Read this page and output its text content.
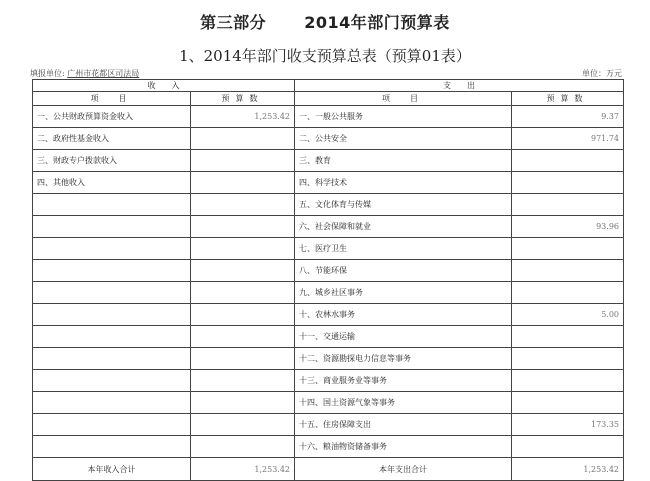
第三部分 2014年部门预算表
1、2014年部门收支预算总表（预算01表）
填报单位: 广州市花都区司法局	单位：万元
收　　入		支　　出	
项　目	预算数	项　目	预算数
一、公共财政预算资金收入	1,253.42	一、一般公共服务	9.37
二、政府性基金收入		二、公共安全	971.74
三、财政专户拨款收入		三、教育	
四、其他收入		四、科学技术	
		五、文化体育与传媒	
		六、社会保障和就业	93.96
		七、医疗卫生	
		八、节能环保	
		九、城乡社区事务	
		十、农林水事务	5.00
		十一、交通运输	
		十二、资源勘探电力信息等事务	
		十三、商业服务业等事务	
		十四、国土资源气象等事务	
		十五、住房保障支出	173.35
		十六、粮油物资储备事务	
本年收入合计	1,253.42	本年支出合计	1,253.42
